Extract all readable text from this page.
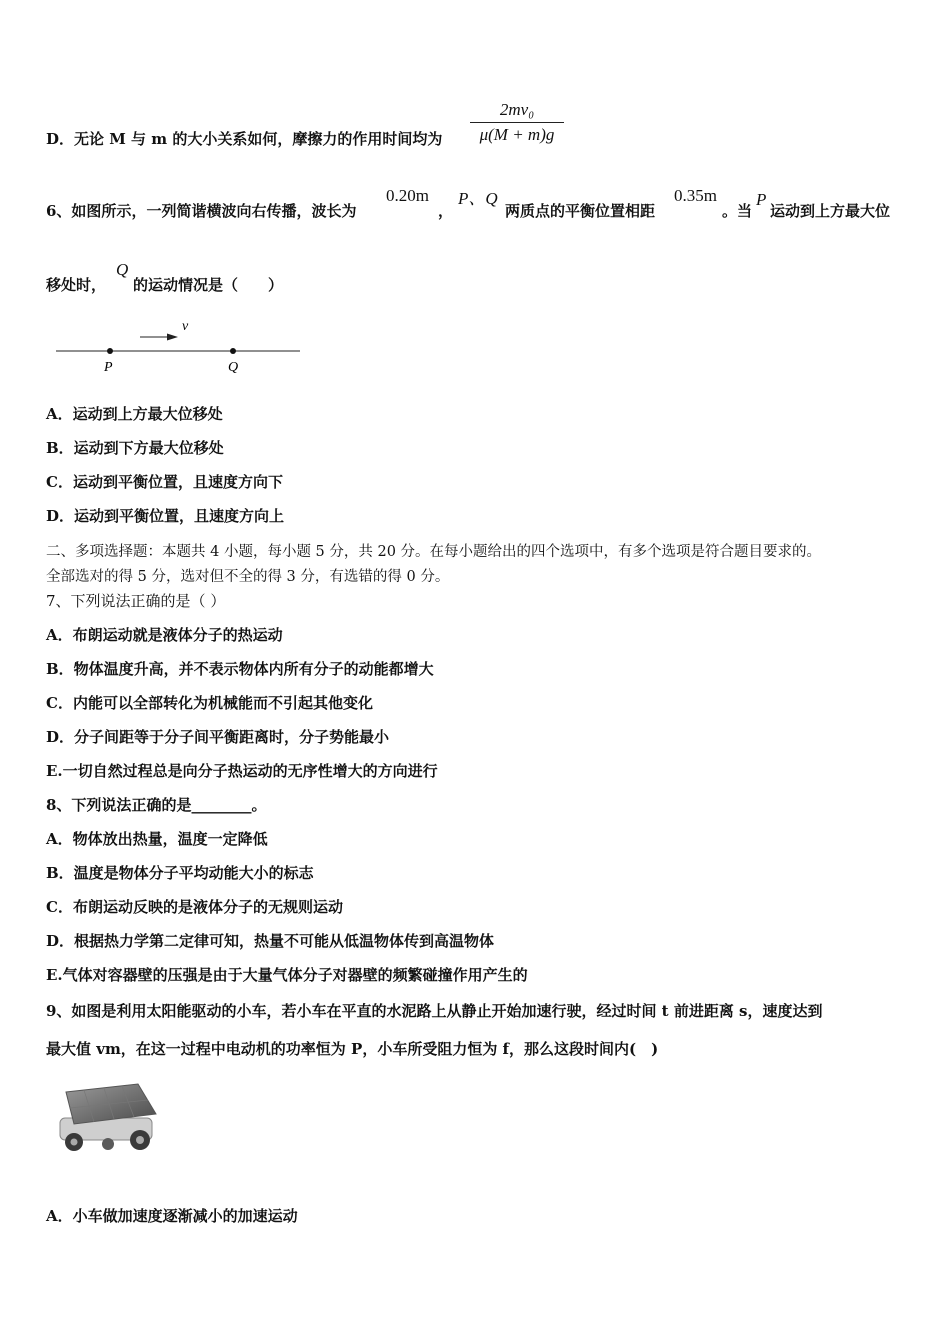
D．无论 M 与 m 的大小关系如何，摩擦力的作用时间均为
2mv₀
μ(M + m)g
6、如图所示，一列简谐横波向右传播，波长为
0.20m
，
P、Q
两质点的平衡位置相距
0.35m
。当
P
运动到上方最大位
移处时，
Q
的运动情况是（　　）
v
P	Q
A．运动到上方最大位移处
B．运动到下方最大位移处
C．运动到平衡位置，且速度方向下
D．运动到平衡位置，且速度方向上
二、多项选择题：本题共 4 小题，每小题 5 分，共 20 分。在每小题给出的四个选项中，有多个选项是符合题目要求的。
全部选对的得 5 分，选对但不全的得 3 分，有选错的得 0 分。
7、下列说法正确的是（ ）
A．布朗运动就是液体分子的热运动
B．物体温度升高，并不表示物体内所有分子的动能都增大
C．内能可以全部转化为机械能而不引起其他变化
D．分子间距等于分子间平衡距离时，分子势能最小
E.一切自然过程总是向分子热运动的无序性增大的方向进行
8、下列说法正确的是________。
A．物体放出热量，温度一定降低
B．温度是物体分子平均动能大小的标志
C．布朗运动反映的是液体分子的无规则运动
D．根据热力学第二定律可知，热量不可能从低温物体传到高温物体
E.气体对容器壁的压强是由于大量气体分子对器壁的频繁碰撞作用产生的
9、如图是利用太阳能驱动的小车，若小车在平直的水泥路上从静止开始加速行驶，经过时间 t 前进距离 s，速度达到
最大值 vm，在这一过程中电动机的功率恒为 P，小车所受阻力恒为 f，那么这段时间内(　)
A．小车做加速度逐渐减小的加速运动
